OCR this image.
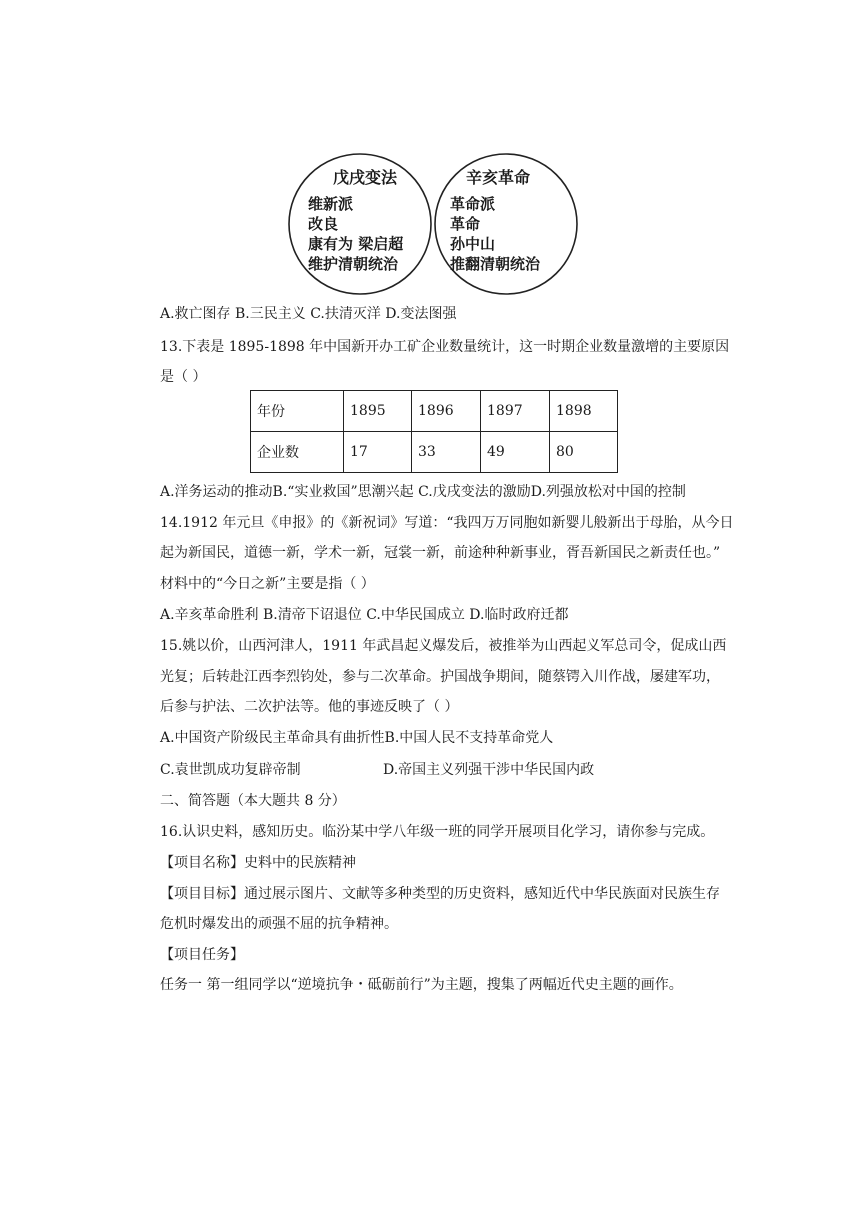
戊戌变法
维新派
改良
康有为 梁启超
维护清朝统治
辛亥革命
革命派
革命
孙中山
推翻清朝统治
A.救亡图存 B.三民主义 C.扶清灭洋 D.变法图强
13.下表是 1895-1898 年中国新开办工矿企业数量统计，这一时期企业数量激增的主要原因
是（ ）
年份	1895	1896	1897	1898
企业数	17	33	49	80
A.洋务运动的推动B.“实业救国”思潮兴起 C.戊戌变法的激励D.列强放松对中国的控制
14.1912 年元旦《申报》的《新祝词》写道：“我四万万同胞如新婴儿般新出于母胎，从今日
起为新国民，道德一新，学术一新，冠裳一新，前途种种新事业，胥吾新国民之新责任也。”
材料中的“今日之新”主要是指（ ）
A.辛亥革命胜利 B.清帝下诏退位 C.中华民国成立 D.临时政府迁都
15.姚以价，山西河津人，1911 年武昌起义爆发后，被推举为山西起义军总司令，促成山西
光复；后转赴江西李烈钧处，参与二次革命。护国战争期间，随蔡锷入川作战，屡建军功，
后参与护法、二次护法等。他的事迹反映了（ ）
A.中国资产阶级民主革命具有曲折性B.中国人民不支持革命党人
C.袁世凯成功复辟帝制	D.帝国主义列强干涉中华民国内政
二、简答题（本大题共 8 分）
16.认识史料，感知历史。临汾某中学八年级一班的同学开展项目化学习，请你参与完成。
【项目名称】史料中的民族精神
【项目目标】通过展示图片、文献等多种类型的历史资料，感知近代中华民族面对民族生存
危机时爆发出的顽强不屈的抗争精神。
【项目任务】
任务一 第一组同学以“逆境抗争・砥砺前行”为主题，搜集了两幅近代史主题的画作。
